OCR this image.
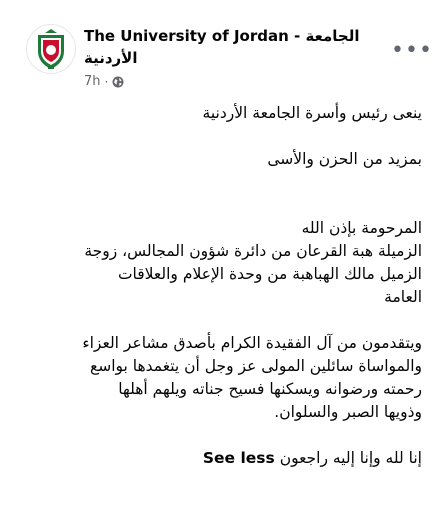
The University of Jordan - الجامعة
الأردنية
7h ·
•••

ينعى رئيس وأسرة الجامعة الأردنية

بمزيد من الحزن والأسى

المرحومة بإذن الله

الزميلة هبة القرعان من دائرة شؤون المجالس، زوجة

الزميل مالك الهباهبة من وحدة الإعلام والعلاقات

العامة

ويتقدمون من آل الفقيدة الكرام بأصدق مشاعر العزاء

والمواساة سائلين المولى عز وجل أن يتغمدها بواسع

رحمته ورضوانه ويسكنها فسيح جناته ويلهم أهلها

وذويها الصبر والسلوان.

إنا لله وإنا إليه راجعون See less
